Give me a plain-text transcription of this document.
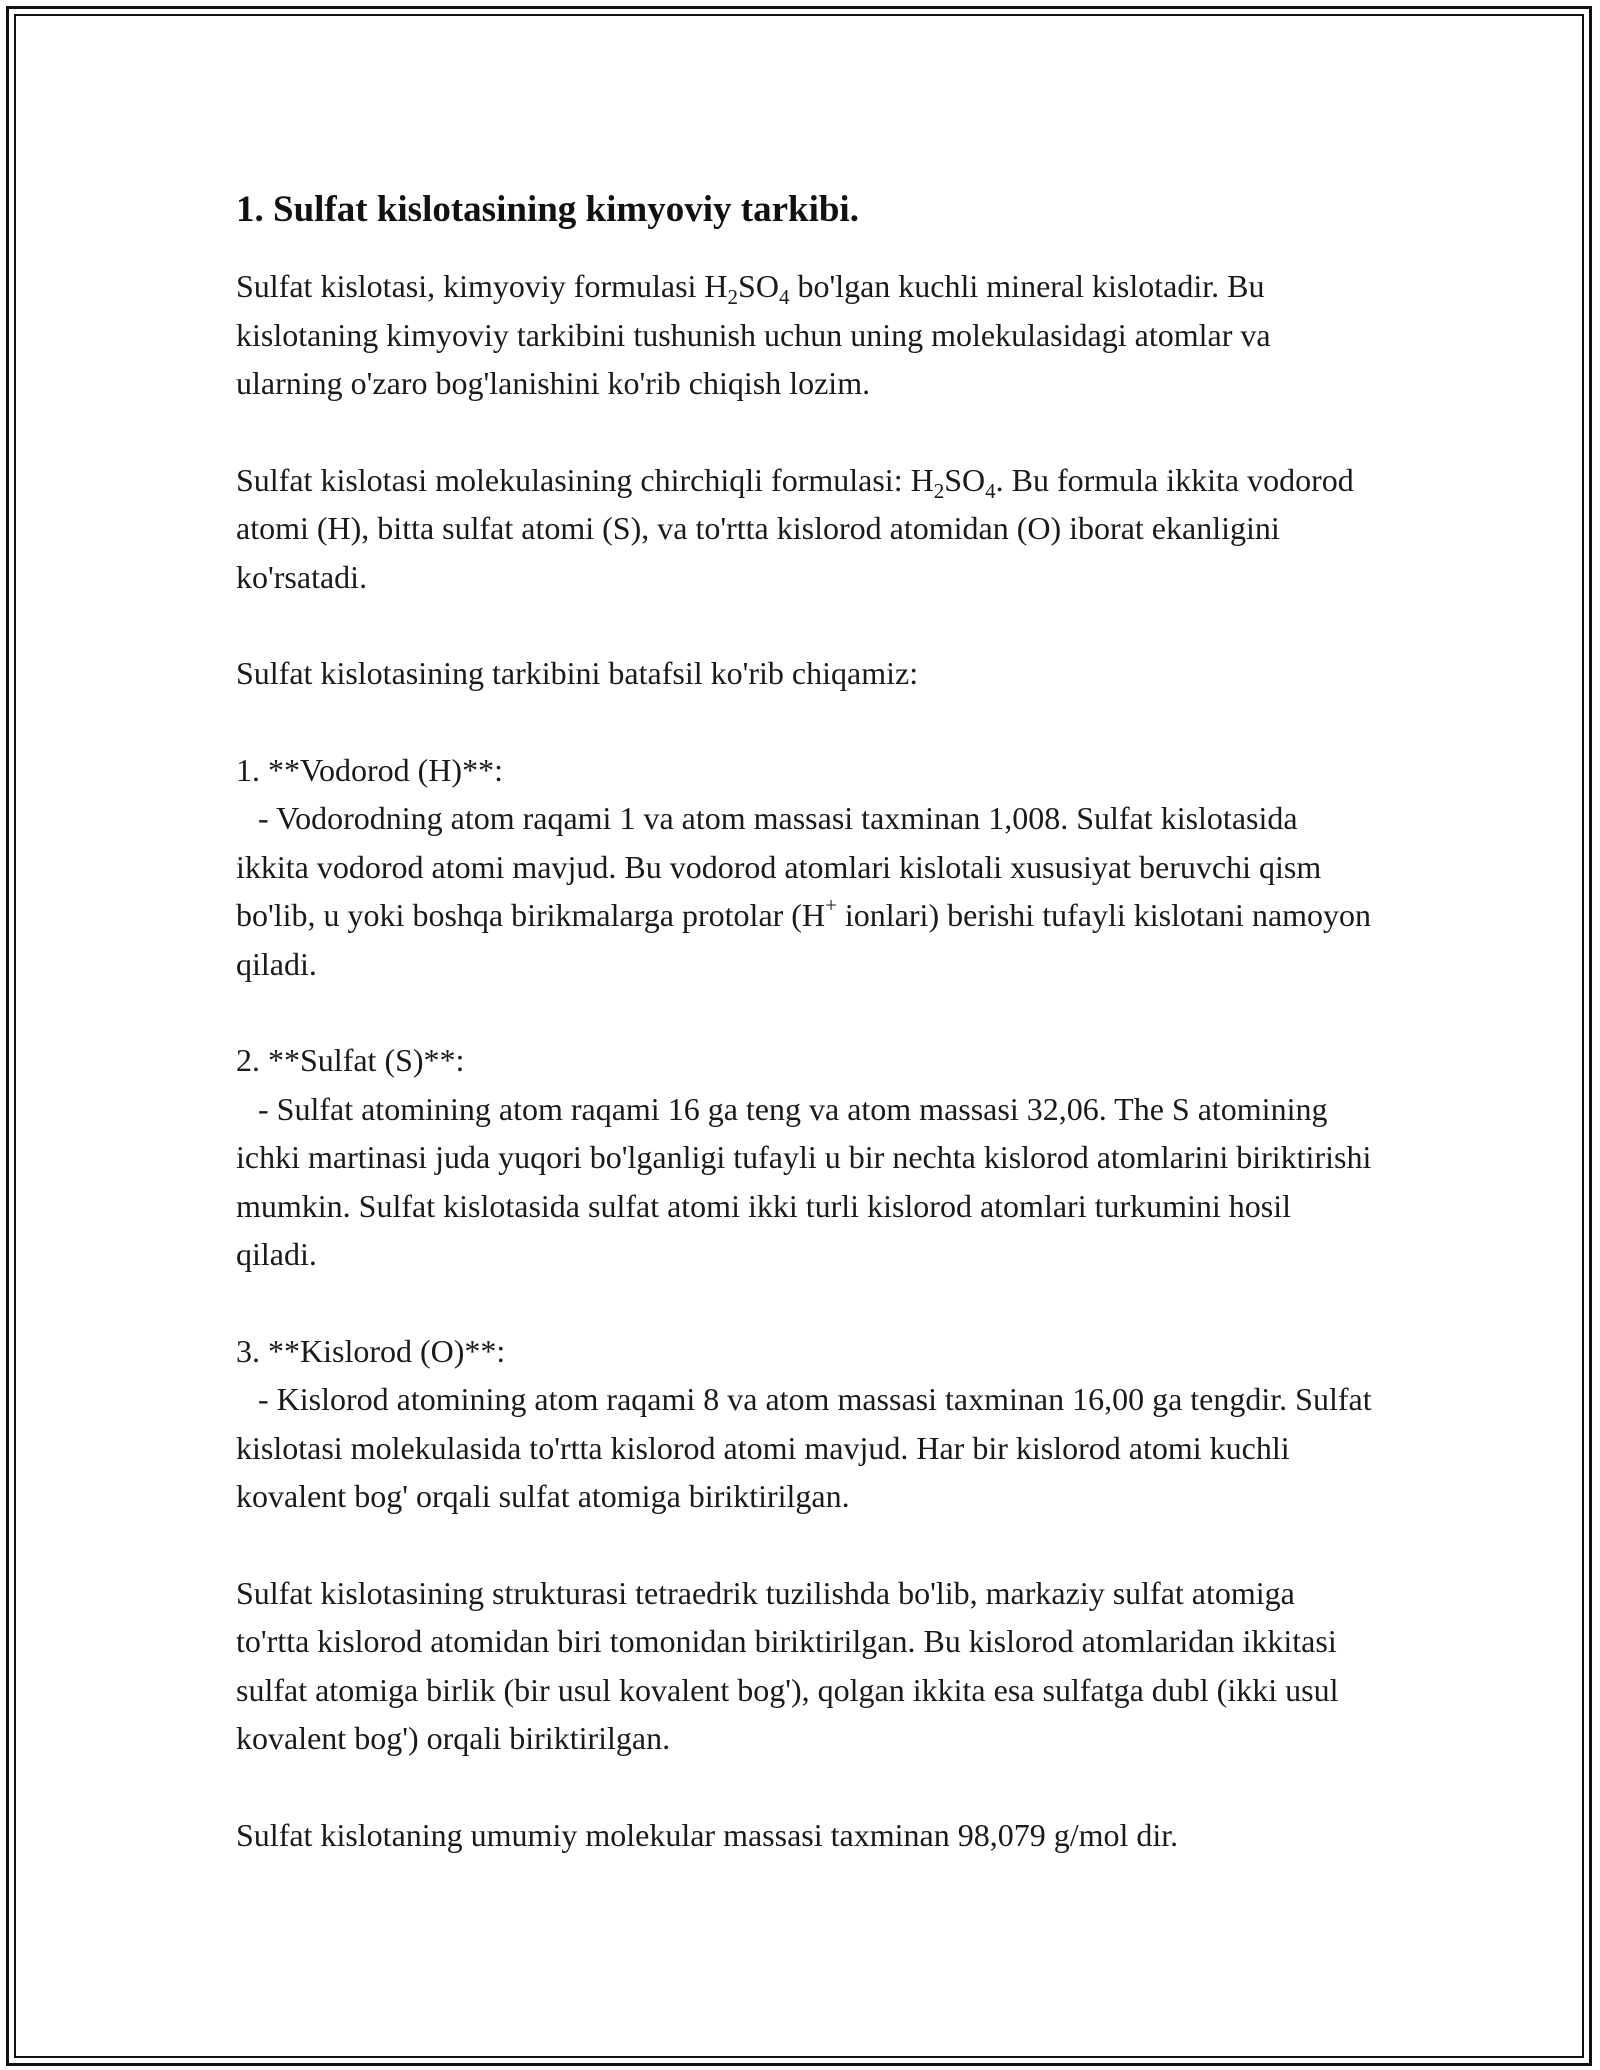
1. Sulfat kislotasining kimyoviy tarkibi.

Sulfat kislotasi, kimyoviy formulasi $H_2SO_4$ bo'lgan kuchli mineral kislotadir. Bu kislotaning kimyoviy tarkibini tushunish uchun uning molekulasidagi atomlar va ularning o'zaro bog'lanishini ko'rib chiqish lozim.

Sulfat kislotasi molekulasining chirchiqli formulasi: $H_2SO_4$. Bu formula ikkita vodorod atomi (H), bitta sulfat atomi (S), va to'rtta kislorod atomidan (O) iborat ekanligini ko'rsatadi.

Sulfat kislotasining tarkibini batafsil ko'rib chiqamiz:

1. **Vodorod (H)**:
- Vodorodning atom raqami 1 va atom massasi taxminan 1,008. Sulfat kislotasida ikkita vodorod atomi mavjud. Bu vodorod atomlari kislotali xususiyat beruvchi qism bo'lib, u yoki boshqa birikmalarga protolar (H+ ionlari) berishi tufayli kislotani namoyon qiladi.

2. **Sulfat (S)**:
- Sulfat atomining atom raqami 16 ga teng va atom massasi 32,06. The S atomining ichki martinasi juda yuqori bo'lganligi tufayli u bir nechta kislorod atomlarini biriktirishi mumkin. Sulfat kislotasida sulfat atomi ikki turli kislorod atomlari turkumini hosil qiladi.

3. **Kislorod (O)**:
- Kislorod atomining atom raqami 8 va atom massasi taxminan 16,00 ga tengdir. Sulfat kislotasi molekulasida to'rtta kislorod atomi mavjud. Har bir kislorod atomi kuchli kovalent bog' orqali sulfat atomiga biriktirilgan.

Sulfat kislotasining strukturasi tetraedrik tuzilishda bo'lib, markaziy sulfat atomiga to'rtta kislorod atomidan biri tomonidan biriktirilgan. Bu kislorod atomlaridan ikkitasi sulfat atomiga birlik (bir usul kovalent bog'), qolgan ikkita esa sulfatga dubl (ikki usul kovalent bog') orqali biriktirilgan.

Sulfat kislotaning umumiy molekular massasi taxminan 98,079 g/mol dir.
